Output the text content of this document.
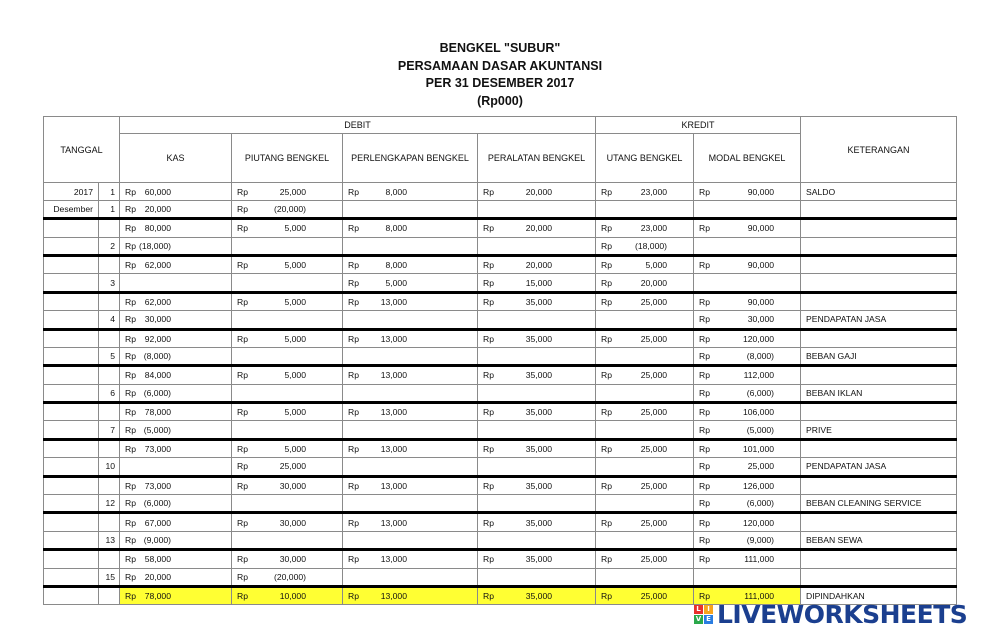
BENGKEL "SUBUR"
PERSAMAAN DASAR AKUNTANSI
PER 31 DESEMBER 2017
(Rp000)
TANGGAL		DEBIT				KREDIT		KETERANGAN
		KAS	PIUTANG BENGKEL	PERLENGKAPAN BENGKEL	PERALATAN BENGKEL	UTANG BENGKEL	MODAL BENGKEL	
2017	1	Rp 60,000	Rp 25,000	Rp 8,000	Rp 20,000	Rp 23,000	Rp 90,000	SALDO
Desember	1	Rp 20,000	Rp (20,000)					

		Rp 80,000	Rp 5,000	Rp 8,000	Rp 20,000	Rp 23,000	Rp 90,000	

	2	Rp (18,000)				Rp (18,000)		

		Rp 62,000	Rp 5,000	Rp 8,000	Rp 20,000	Rp 5,000	Rp 90,000	

	3			Rp 5,000	Rp 15,000	Rp 20,000		

		Rp 62,000	Rp 5,000	Rp 13,000	Rp 35,000	Rp 25,000	Rp 90,000	

	4	Rp 30,000					Rp 30,000	PENDAPATAN JASA

		Rp 92,000	Rp 5,000	Rp 13,000	Rp 35,000	Rp 25,000	Rp 120,000	

	5	Rp (8,000)					Rp (8,000)	BEBAN GAJI

		Rp 84,000	Rp 5,000	Rp 13,000	Rp 35,000	Rp 25,000	Rp 112,000	

	6	Rp (6,000)					Rp (6,000)	BEBAN IKLAN

		Rp 78,000	Rp 5,000	Rp 13,000	Rp 35,000	Rp 25,000	Rp 106,000	

	7	Rp (5,000)					Rp (5,000)	PRIVE

		Rp 73,000	Rp 5,000	Rp 13,000	Rp 35,000	Rp 25,000	Rp 101,000	

	10		Rp 25,000				Rp 25,000	PENDAPATAN JASA

		Rp 73,000	Rp 30,000	Rp 13,000	Rp 35,000	Rp 25,000	Rp 126,000	

	12	Rp (6,000)					Rp (6,000)	BEBAN CLEANING SERVICE

		Rp 67,000	Rp 30,000	Rp 13,000	Rp 35,000	Rp 25,000	Rp 120,000	

	13	Rp (9,000)					Rp (9,000)	BEBAN SEWA

		Rp 58,000	Rp 30,000	Rp 13,000	Rp 35,000	Rp 25,000	Rp 111,000	

	15	Rp 20,000	Rp (20,000)					

		Rp 78,000	Rp 10,000	Rp 13,000	Rp 35,000	Rp 25,000	Rp 111,000	DIPINDAHKAN
L I
V E LIVEWORKSHEETS
